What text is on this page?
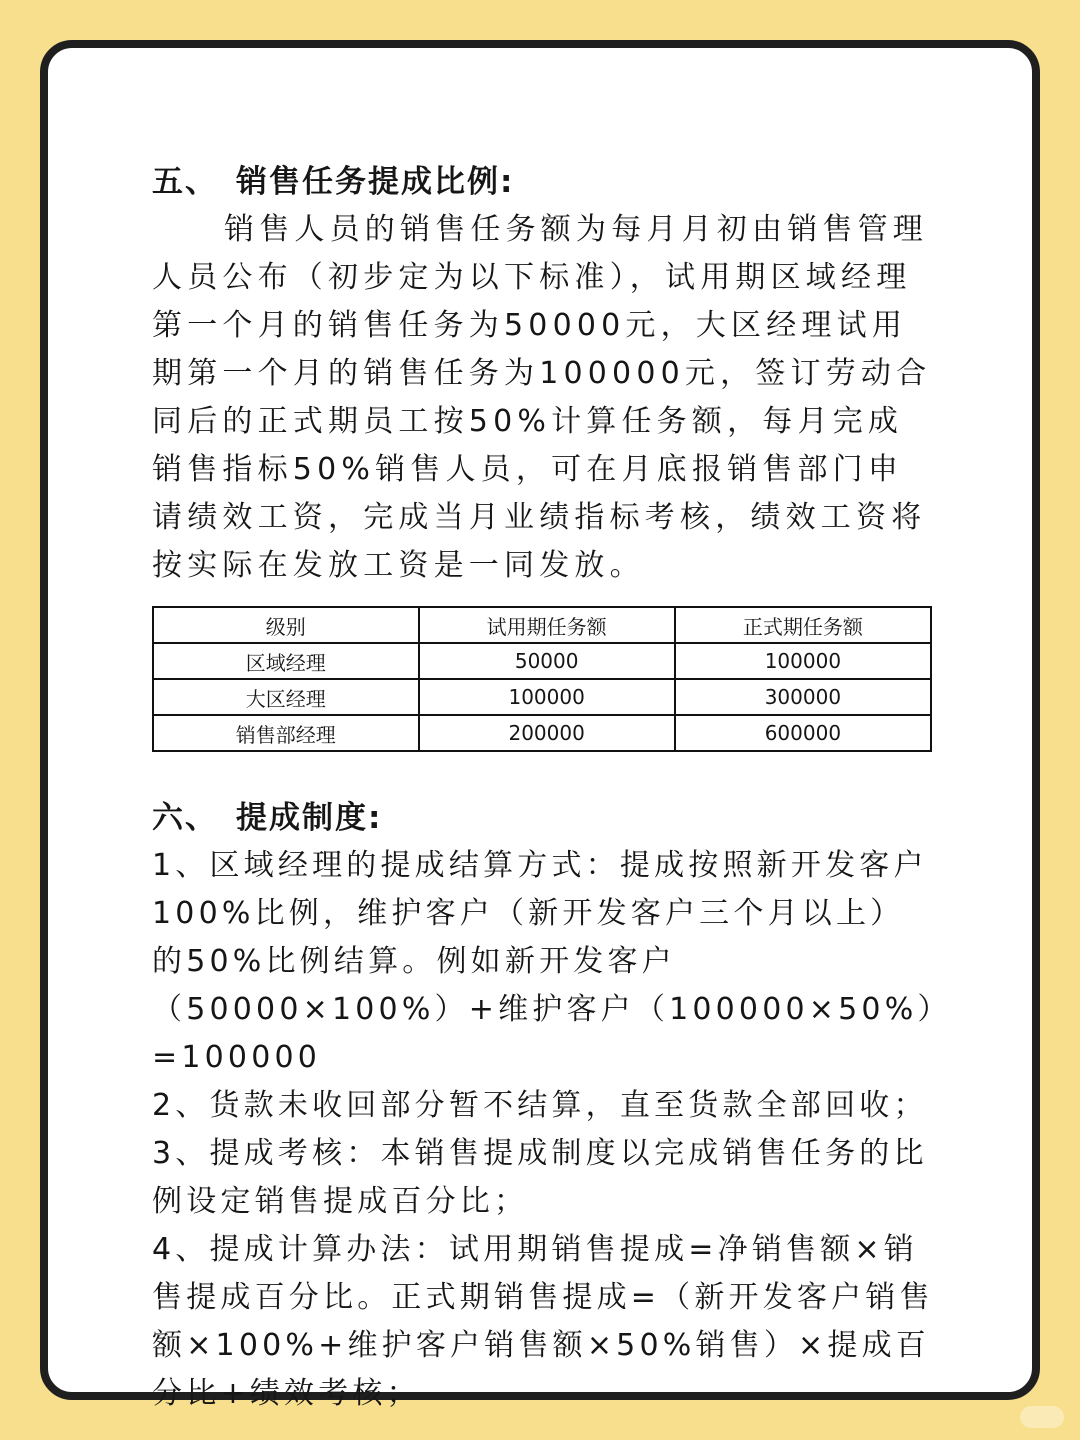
五、 销售任务提成比例:

销售人员的销售任务额为每月月初由销售管理人员公布（初步定为以下标准），试用期区域经理第一个月的销售任务为50000元，大区经理试用期第一个月的销售任务为100000元，签订劳动合同后的正式期员工按50%计算任务额，每月完成销售指标50%销售人员，可在月底报销售部门申请绩效工资，完成当月业绩指标考核，绩效工资将按实际在发放工资是一同发放。

级别	试用期任务额	正式期任务额
区域经理	50000	100000
大区经理	100000	300000
销售部经理	200000	600000
六、 提成制度:

1、区域经理的提成结算方式：提成按照新开发客户100%比例，维护客户（新开发客户三个月以上）的50%比例结算。例如新开发客户（50000×100%）+维护客户（100000×50%）=100000

2、货款未收回部分暂不结算，直至货款全部回收；

3、提成考核：本销售提成制度以完成销售任务的比例设定销售提成百分比；

4、提成计算办法：试用期销售提成=净销售额×销售提成百分比。正式期销售提成=（新开发客户销售额×100%+维护客户销售额×50%销售）×提成百分比+绩效考核；
